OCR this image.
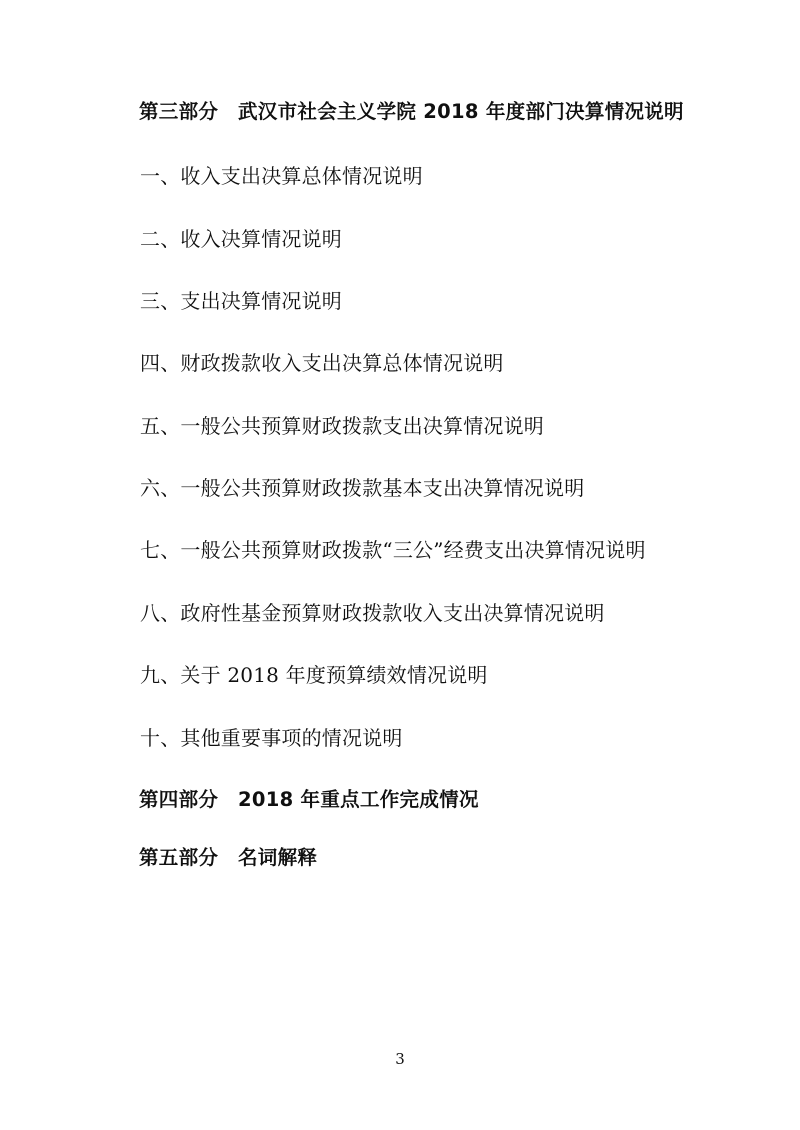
第三部分　武汉市社会主义学院 2018 年度部门决算情况说明

一、收入支出决算总体情况说明

二、收入决算情况说明

三、支出决算情况说明

四、财政拨款收入支出决算总体情况说明

五、一般公共预算财政拨款支出决算情况说明

六、一般公共预算财政拨款基本支出决算情况说明

七、一般公共预算财政拨款“三公”经费支出决算情况说明

八、政府性基金预算财政拨款收入支出决算情况说明

九、关于 2018 年度预算绩效情况说明

十、其他重要事项的情况说明

第四部分　2018 年重点工作完成情况

第五部分　名词解释

3
